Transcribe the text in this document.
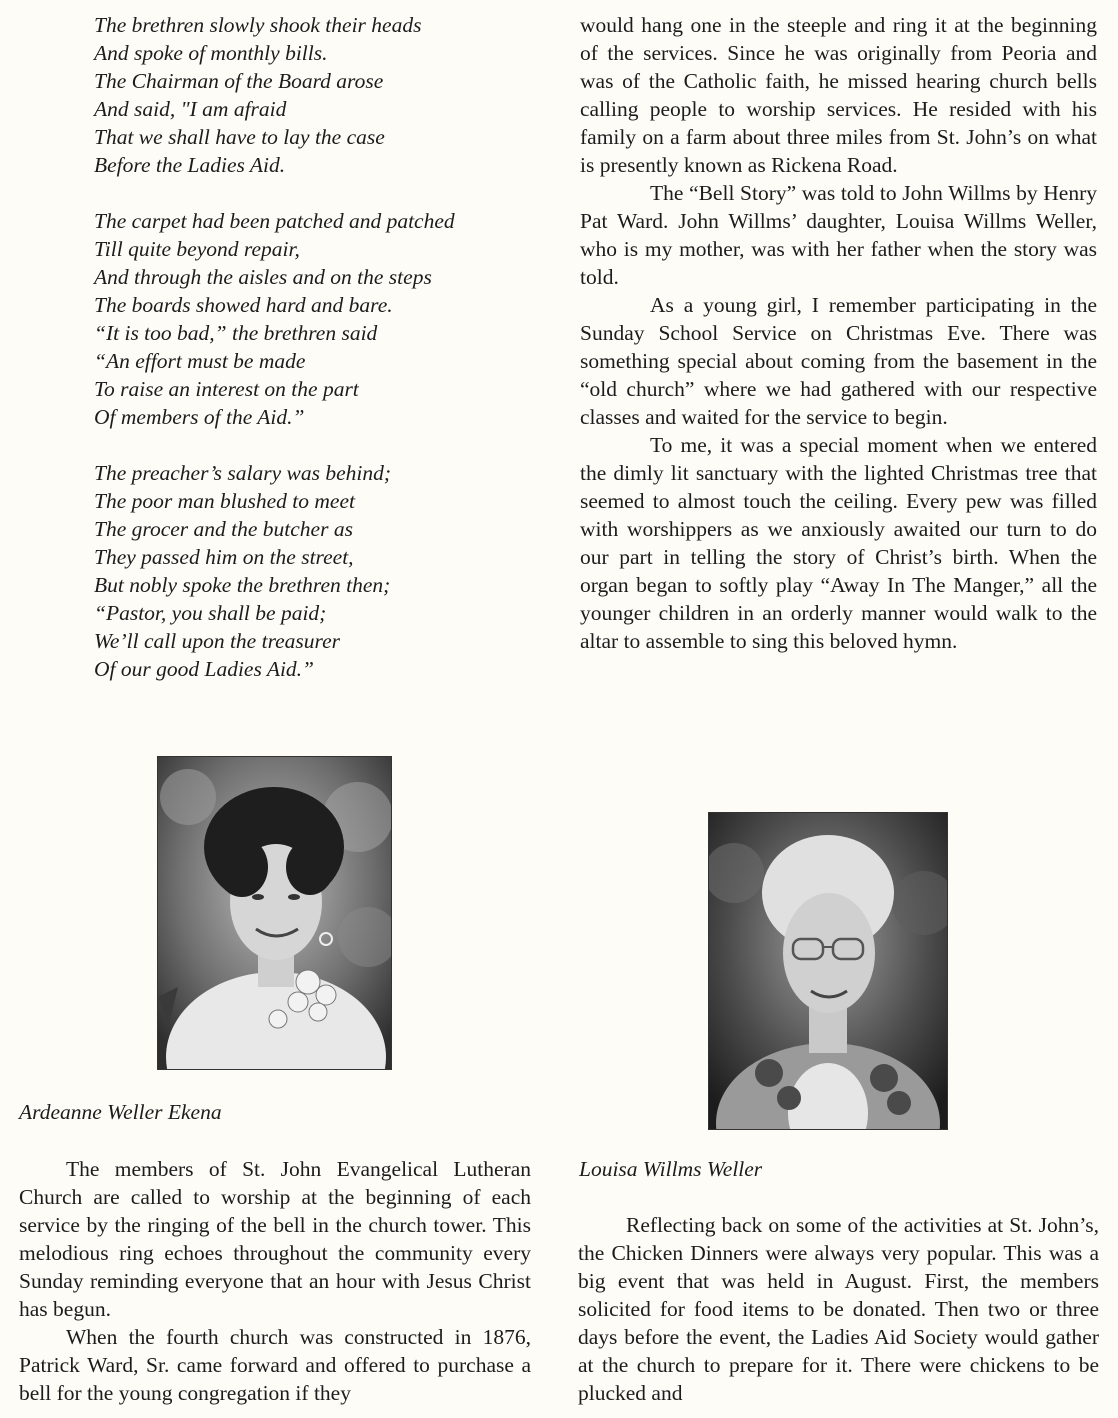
The brethren slowly shook their heads
And spoke of monthly bills.
The Chairman of the Board arose
And said, "I am afraid
That we shall have to lay the case
Before the Ladies Aid.
The carpet had been patched and patched
Till quite beyond repair,
And through the aisles and on the steps
The boards showed hard and bare.
“It is too bad,” the brethren said
“An effort must be made
To raise an interest on the part
Of members of the Aid.”
The preacher’s salary was behind;
The poor man blushed to meet
The grocer and the butcher as
They passed him on the street,
But nobly spoke the brethren then;
“Pastor, you shall be paid;
We’ll call upon the treasurer
Of our good Ladies Aid.”

would hang one in the steeple and ring it at the beginning of the services. Since he was originally from Peoria and was of the Catholic faith, he missed hearing church bells calling people to worship services. He resided with his family on a farm about three miles from St. John’s on what is presently known as Rickena Road.

The “Bell Story” was told to John Willms by Henry Pat Ward. John Willms’ daughter, Louisa Willms Weller, who is my mother, was with her father when the story was told.

As a young girl, I remember participating in the Sunday School Service on Christmas Eve. There was something special about coming from the basement in the “old church” where we had gathered with our respective classes and waited for the service to begin.

To me, it was a special moment when we entered the dimly lit sanctuary with the lighted Christmas tree that seemed to almost touch the ceiling. Every pew was filled with worshippers as we anxiously awaited our turn to do our part in telling the story of Christ’s birth. When the organ began to softly play “Away In The Manger,” all the younger children in an orderly manner would walk to the altar to assemble to sing this beloved hymn.

Ardeanne Weller Ekena
Louisa Willms Weller

The members of St. John Evangelical Lutheran Church are called to worship at the beginning of each service by the ringing of the bell in the church tower. This melodious ring echoes throughout the community every Sunday reminding everyone that an hour with Jesus Christ has begun.

When the fourth church was constructed in 1876, Patrick Ward, Sr. came forward and offered to purchase a bell for the young congregation if they

Reflecting back on some of the activities at St. John’s, the Chicken Dinners were always very popular. This was a big event that was held in August. First, the members solicited for food items to be donated. Then two or three days before the event, the Ladies Aid Society would gather at the church to prepare for it. There were chickens to be plucked and
